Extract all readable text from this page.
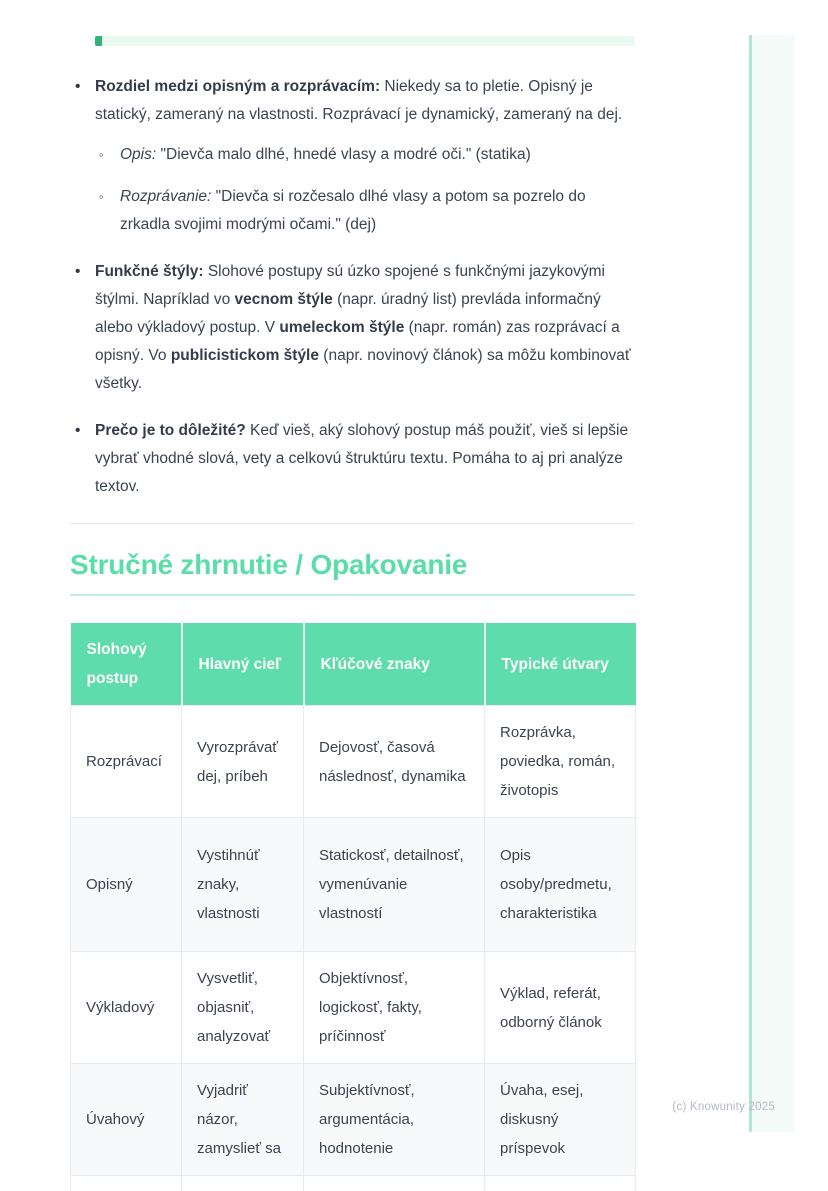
• Rozdiel medzi opisným a rozprávacím: Niekedy sa to pletie. Opisný je statický, zameraný na vlastnosti. Rozprávací je dynamický, zameraný na dej.
◦ Opis: "Dievča malo dlhé, hnedé vlasy a modré oči." (statika)
◦ Rozprávanie: "Dievča si rozčesalo dlhé vlasy a potom sa pozrelo do zrkadla svojimi modrými očami." (dej)
• Funkčné štýly: Slohové postupy sú úzko spojené s funkčnými jazykovými štýlmi. Napríklad vo vecnom štýle (napr. úradný list) prevláda informačný alebo výkladový postup. V umeleckom štýle (napr. román) zas rozprávací a opisný. Vo publicistickom štýle (napr. novinový článok) sa môžu kombinovať všetky.
• Prečo je to dôležité? Keď vieš, aký slohový postup máš použiť, vieš si lepšie vybrať vhodné slová, vety a celkovú štruktúru textu. Pomáha to aj pri analýze textov.
Stručné zhrnutie / Opakovanie
Slohový postup	Hlavný cieľ	Kľúčové znaky	Typické útvary
Rozprávací	Vyrozprávať dej, príbeh	Dejovosť, časová následnosť, dynamika	Rozprávka, poviedka, román, životopis
Opisný	Vystihnúť znaky, vlastnosti	Statickosť, detailnosť, vymenúvanie vlastností	Opis osoby/predmetu, charakteristika
Výkladový	Vysvetliť, objasniť, analyzovať	Objektívnosť, logickosť, fakty, príčinnosť	Výklad, referát, odborný článok
Úvahový	Vyjadriť názor, zamyslieť sa	Subjektívnosť, argumentácia, hodnotenie	Úvaha, esej, diskusný príspevok

(c) Knowunity 2025
